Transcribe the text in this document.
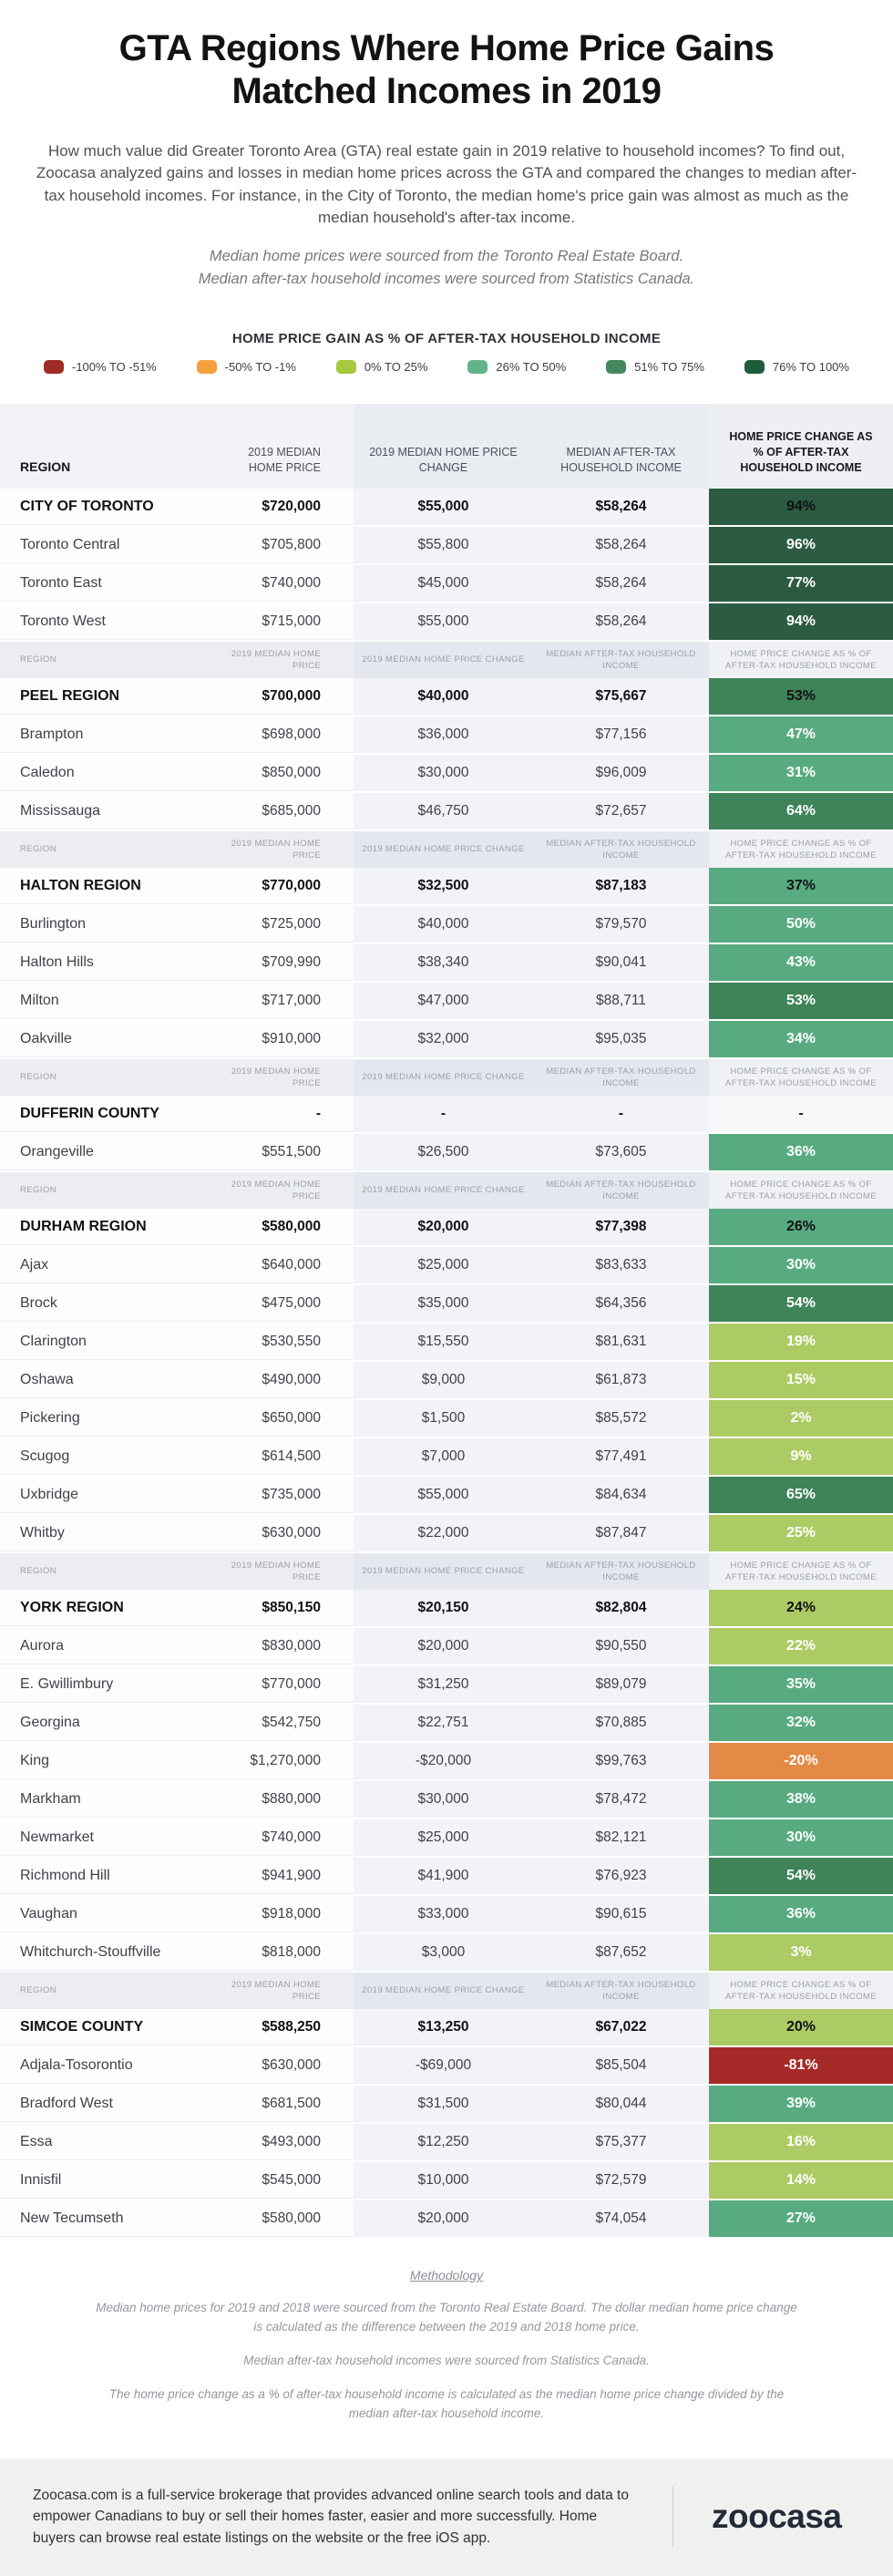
GTA Regions Where Home Price Gains
Matched Incomes in 2019

How much value did Greater Toronto Area (GTA) real estate gain in 2019 relative to household incomes? To find out, Zoocasa analyzed gains and losses in median home prices across the GTA and compared the changes to median after-tax household incomes. For instance, in the City of Toronto, the median home's price gain was almost as much as the median household's after-tax income.

Median home prices were sourced from the Toronto Real Estate Board.
Median after-tax household incomes were sourced from Statistics Canada.
HOME PRICE GAIN AS % OF AFTER-TAX HOUSEHOLD INCOME
-100% TO -51%	-50% TO -1%	0% TO 25%	26% TO 50%	51% TO 75%	76% TO 100%
REGION
2019 MEDIAN HOME PRICE
2019 MEDIAN HOME PRICE CHANGE
MEDIAN AFTER-TAX HOUSEHOLD INCOME
HOME PRICE CHANGE AS % OF AFTER-TAX HOUSEHOLD INCOME
CITY OF TORONTO	$720,000	$55,000	$58,264	94%
Toronto Central	$705,800	$55,800	$58,264	96%
Toronto East	$740,000	$45,000	$58,264	77%
Toronto West	$715,000	$55,000	$58,264	94%
REGION
2019 MEDIAN HOME PRICE
2019 MEDIAN HOME PRICE CHANGE
MEDIAN AFTER-TAX HOUSEHOLD INCOME
HOME PRICE CHANGE AS % OF AFTER-TAX HOUSEHOLD INCOME
PEEL REGION	$700,000	$40,000	$75,667	53%
Brampton	$698,000	$36,000	$77,156	47%
Caledon	$850,000	$30,000	$96,009	31%
Mississauga	$685,000	$46,750	$72,657	64%
REGION
2019 MEDIAN HOME PRICE
2019 MEDIAN HOME PRICE CHANGE
MEDIAN AFTER-TAX HOUSEHOLD INCOME
HOME PRICE CHANGE AS % OF AFTER-TAX HOUSEHOLD INCOME
HALTON REGION	$770,000	$32,500	$87,183	37%
Burlington	$725,000	$40,000	$79,570	50%
Halton Hills	$709,990	$38,340	$90,041	43%
Milton	$717,000	$47,000	$88,711	53%
Oakville	$910,000	$32,000	$95,035	34%
REGION
2019 MEDIAN HOME PRICE
2019 MEDIAN HOME PRICE CHANGE
MEDIAN AFTER-TAX HOUSEHOLD INCOME
HOME PRICE CHANGE AS % OF AFTER-TAX HOUSEHOLD INCOME
DUFFERIN COUNTY	-	-	-	-
Orangeville	$551,500	$26,500	$73,605	36%
REGION
2019 MEDIAN HOME PRICE
2019 MEDIAN HOME PRICE CHANGE
MEDIAN AFTER-TAX HOUSEHOLD INCOME
HOME PRICE CHANGE AS % OF AFTER-TAX HOUSEHOLD INCOME
DURHAM REGION	$580,000	$20,000	$77,398	26%
Ajax	$640,000	$25,000	$83,633	30%
Brock	$475,000	$35,000	$64,356	54%
Clarington	$530,550	$15,550	$81,631	19%
Oshawa	$490,000	$9,000	$61,873	15%
Pickering	$650,000	$1,500	$85,572	2%
Scugog	$614,500	$7,000	$77,491	9%
Uxbridge	$735,000	$55,000	$84,634	65%
Whitby	$630,000	$22,000	$87,847	25%
REGION
2019 MEDIAN HOME PRICE
2019 MEDIAN HOME PRICE CHANGE
MEDIAN AFTER-TAX HOUSEHOLD INCOME
HOME PRICE CHANGE AS % OF AFTER-TAX HOUSEHOLD INCOME
YORK REGION	$850,150	$20,150	$82,804	24%
Aurora	$830,000	$20,000	$90,550	22%
E. Gwillimbury	$770,000	$31,250	$89,079	35%
Georgina	$542,750	$22,751	$70,885	32%
King	$1,270,000	-$20,000	$99,763	-20%
Markham	$880,000	$30,000	$78,472	38%
Newmarket	$740,000	$25,000	$82,121	30%
Richmond Hill	$941,900	$41,900	$76,923	54%
Vaughan	$918,000	$33,000	$90,615	36%
Whitchurch-Stouffville	$818,000	$3,000	$87,652	3%
REGION
2019 MEDIAN HOME PRICE
2019 MEDIAN HOME PRICE CHANGE
MEDIAN AFTER-TAX HOUSEHOLD INCOME
HOME PRICE CHANGE AS % OF AFTER-TAX HOUSEHOLD INCOME
SIMCOE COUNTY	$588,250	$13,250	$67,022	20%
Adjala-Tosorontio	$630,000	-$69,000	$85,504	-81%
Bradford West	$681,500	$31,500	$80,044	39%
Essa	$493,000	$12,250	$75,377	16%
Innisfil	$545,000	$10,000	$72,579	14%
New Tecumseth	$580,000	$20,000	$74,054	27%
Methodology

Median home prices for 2019 and 2018 were sourced from the Toronto Real Estate Board. The dollar median home price change is calculated as the difference between the 2019 and 2018 home price.

Median after-tax household incomes were sourced from Statistics Canada.

The home price change as a % of after-tax household income is calculated as the median home price change divided by the median after-tax household income.

Zoocasa.com is a full-service brokerage that provides advanced online search tools and data to empower Canadians to buy or sell their homes faster, easier and more successfully. Home buyers can browse real estate listings on the website or the free iOS app.
zoocasa
